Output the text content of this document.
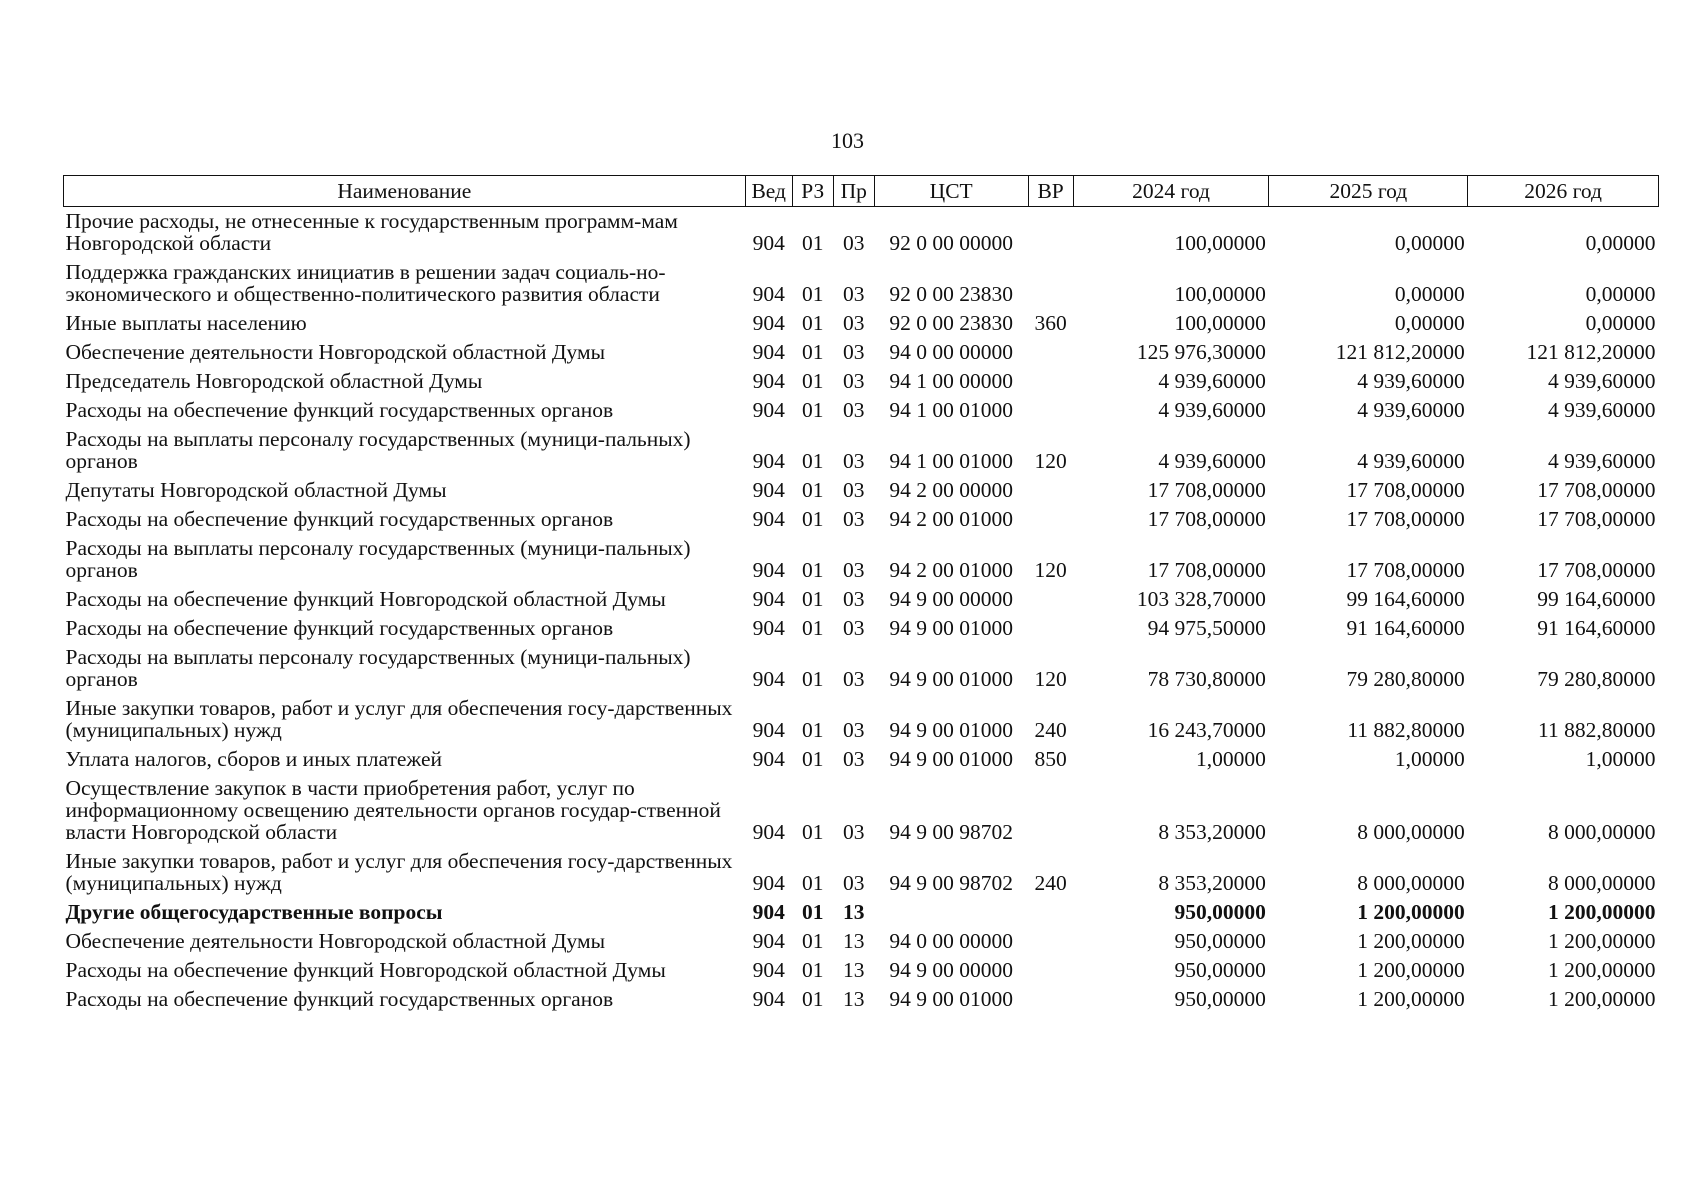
103
Наименование	Вед	РЗ	Пр	ЦСТ	ВР	2024 год	2025 год	2026 год
Прочие расходы, не отнесенные к государственным программ-мам Новгородской области	904	01	03	92 0 00 00000		100,00000	0,00000	0,00000
Поддержка гражданских инициатив в решении задач социаль-но-экономического и общественно-политического развития области	904	01	03	92 0 00 23830		100,00000	0,00000	0,00000
Иные выплаты населению	904	01	03	92 0 00 23830	360	100,00000	0,00000	0,00000
Обеспечение деятельности Новгородской областной Думы	904	01	03	94 0 00 00000		125 976,30000	121 812,20000	121 812,20000
Председатель Новгородской областной Думы	904	01	03	94 1 00 00000		4 939,60000	4 939,60000	4 939,60000
Расходы на обеспечение функций государственных органов	904	01	03	94 1 00 01000		4 939,60000	4 939,60000	4 939,60000
Расходы на выплаты персоналу государственных (муници-пальных) органов	904	01	03	94 1 00 01000	120	4 939,60000	4 939,60000	4 939,60000
Депутаты Новгородской областной Думы	904	01	03	94 2 00 00000		17 708,00000	17 708,00000	17 708,00000
Расходы на обеспечение функций государственных органов	904	01	03	94 2 00 01000		17 708,00000	17 708,00000	17 708,00000
Расходы на выплаты персоналу государственных (муници-пальных) органов	904	01	03	94 2 00 01000	120	17 708,00000	17 708,00000	17 708,00000
Расходы на обеспечение функций Новгородской областной Думы	904	01	03	94 9 00 00000		103 328,70000	99 164,60000	99 164,60000
Расходы на обеспечение функций государственных органов	904	01	03	94 9 00 01000		94 975,50000	91 164,60000	91 164,60000
Расходы на выплаты персоналу государственных (муници-пальных) органов	904	01	03	94 9 00 01000	120	78 730,80000	79 280,80000	79 280,80000
Иные закупки товаров, работ и услуг для обеспечения госу-дарственных (муниципальных) нужд	904	01	03	94 9 00 01000	240	16 243,70000	11 882,80000	11 882,80000
Уплата налогов, сборов и иных платежей	904	01	03	94 9 00 01000	850	1,00000	1,00000	1,00000
Осуществление закупок в части приобретения работ, услуг по информационному освещению деятельности органов государ-ственной власти Новгородской области	904	01	03	94 9 00 98702		8 353,20000	8 000,00000	8 000,00000
Иные закупки товаров, работ и услуг для обеспечения госу-дарственных (муниципальных) нужд	904	01	03	94 9 00 98702	240	8 353,20000	8 000,00000	8 000,00000
Другие общегосударственные вопросы	904	01	13			950,00000	1 200,00000	1 200,00000
Обеспечение деятельности Новгородской областной Думы	904	01	13	94 0 00 00000		950,00000	1 200,00000	1 200,00000
Расходы на обеспечение функций Новгородской областной Думы	904	01	13	94 9 00 00000		950,00000	1 200,00000	1 200,00000
Расходы на обеспечение функций государственных органов	904	01	13	94 9 00 01000		950,00000	1 200,00000	1 200,00000
